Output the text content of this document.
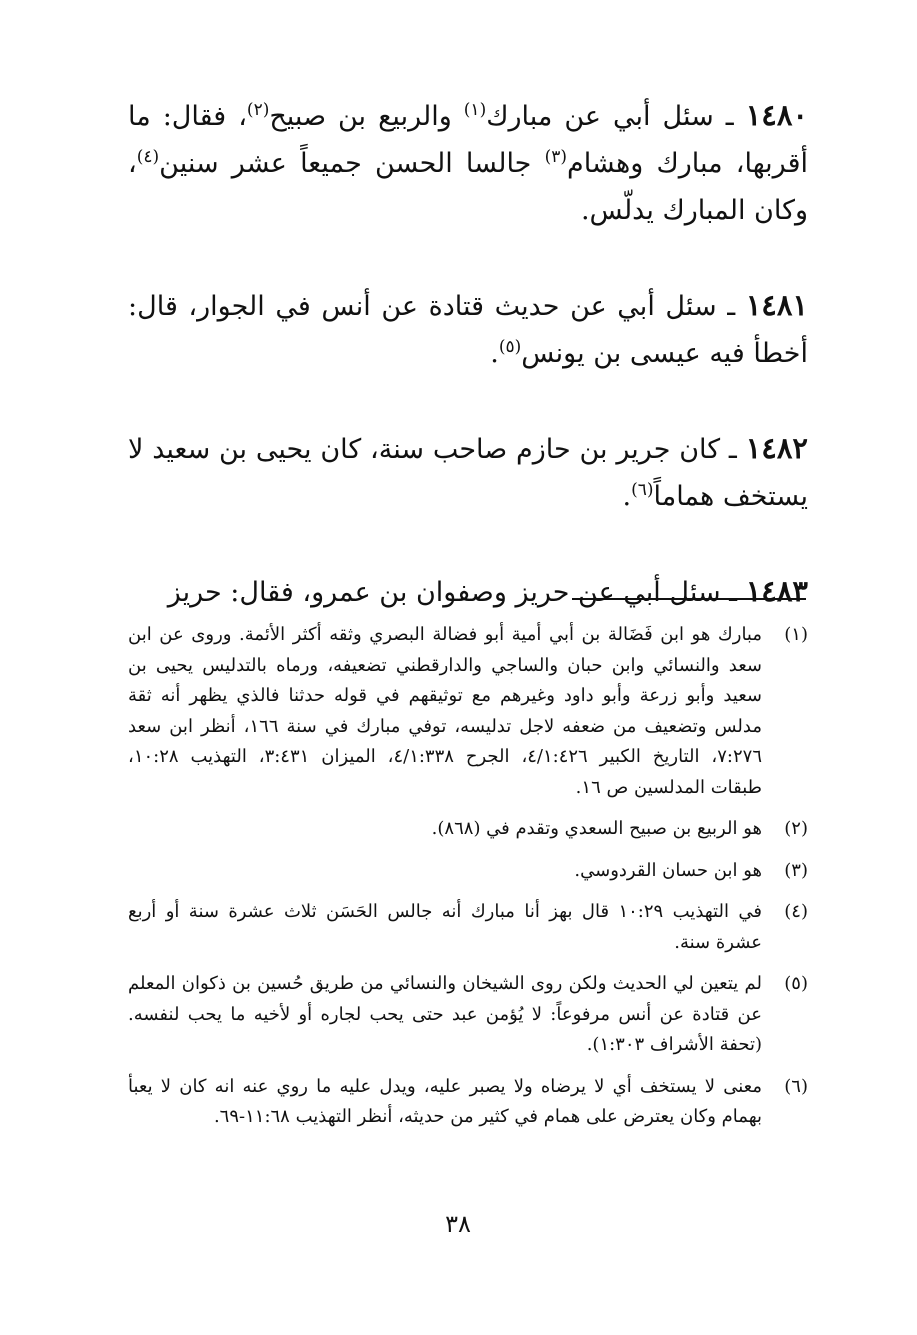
١٤٨٠ ـ سئل أبي عن مبارك$^{(١)}$ والربيع بن صبيح$^{(٢)}$، فقال: ما أقربها، مبارك وهشام$^{(٣)}$ جالسا الحسن جميعاً عشر سنين$^{(٤)}$، وكان المبارك يدلّس.

١٤٨١ ـ سئل أبي عن حديث قتادة عن أنس في الجوار، قال: أخطأ فيه عيسى بن يونس$^{(٥)}$.

١٤٨٢ ـ كان جرير بن حازم صاحب سنة، كان يحيى بن سعيد لا يستخف هماماً$^{(٦)}$.

١٤٨٣ ـ سئل أبي عن حريز وصفوان بن عمرو، فقال: حريز

(١)
مبارك هو ابن فَضَالة بن أبي أمية أبو فضالة البصري وثقه أكثر الأئمة. وروى عن ابن سعد والنسائي وابن حبان والساجي والدارقطني تضعيفه، ورماه بالتدليس يحيى بن سعيد وأبو زرعة وأبو داود وغيرهم مع توثيقهم في قوله حدثنا فالذي يظهر أنه ثقة مدلس وتضعيف من ضعفه لاجل تدليسه، توفي مبارك في سنة ١٦٦، أنظر ابن سعد ٧:٢٧٦، التاريخ الكبير ٤/١:٤٢٦، الجرح ٤/١:٣٣٨، الميزان ٣:٤٣١، التهذيب ١٠:٢٨، طبقات المدلسين ص ١٦.
(٢)
هو الربيع بن صبيح السعدي وتقدم في (٨٦٨).
(٣)
هو ابن حسان القردوسي.
(٤)
في التهذيب ١٠:٢٩ قال بهز أنا مبارك أنه جالس الحَسَن ثلاث عشرة سنة أو أربع عشرة سنة.
(٥)
لم يتعين لي الحديث ولكن روى الشيخان والنسائي من طريق حُسين بن ذكوان المعلم عن قتادة عن أنس مرفوعاً: لا يُؤمن عبد حتى يحب لجاره أو لأخيه ما يحب لنفسه. (تحفة الأشراف ١:٣٠٣).
(٦)
معنى لا يستخف أي لا يرضاه ولا يصبر عليه، ويدل عليه ما روي عنه انه كان لا يعبأ بهمام وكان يعترض على همام في كثير من حديثه، أنظر التهذيب ١١:٦٨-٦٩.
٣٨
